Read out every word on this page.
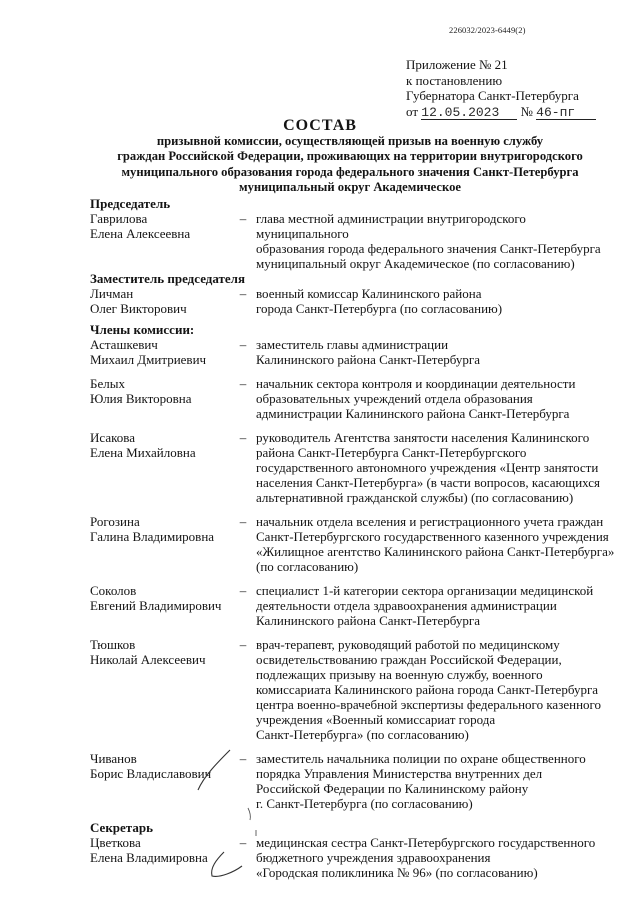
226032/2023-6449(2)
Приложение № 21
к постановлению
Губернатора Санкт-Петербурга
от 12.05.2023 № 46-пг
СОСТАВ
призывной комиссии, осуществляющей призыв на военную службу
граждан Российской Федерации, проживающих на территории внутригородского
муниципального образования города федерального значения Санкт-Петербурга
муниципальный округ Академическое
Председатель
Гаврилова
Елена Алексеевна
– глава местной администрации внутригородского муниципального
образования города федерального значения Санкт-Петербурга
муниципальный округ Академическое (по согласованию)
Заместитель председателя
Личман
Олег Викторович
– военный комиссар Калининского района
города Санкт-Петербурга (по согласованию)
Члены комиссии:
Асташкевич
Михаил Дмитриевич
– заместитель главы администрации
Калининского района Санкт-Петербурга
Белых
Юлия Викторовна
– начальник сектора контроля и координации деятельности
образовательных учреждений отдела образования
администрации Калининского района Санкт-Петербурга
Исакова
Елена Михайловна
– руководитель Агентства занятости населения Калининского
района Санкт-Петербурга Санкт-Петербургского
государственного автономного учреждения «Центр занятости
населения Санкт-Петербурга» (в части вопросов, касающихся
альтернативной гражданской службы) (по согласованию)
Рогозина
Галина Владимировна
– начальник отдела вселения и регистрационного учета граждан
Санкт-Петербургского государственного казенного учреждения
«Жилищное агентство Калининского района Санкт-Петербурга»
(по согласованию)
Соколов
Евгений Владимирович
– специалист 1-й категории сектора организации медицинской
деятельности отдела здравоохранения администрации
Калининского района Санкт-Петербурга
Тюшков
Николай Алексеевич
– врач-терапевт, руководящий работой по медицинскому
освидетельствованию граждан Российской Федерации,
подлежащих призыву на военную службу, военного
комиссариата Калининского района города Санкт-Петербурга
центра военно-врачебной экспертизы федерального казенного
учреждения «Военный комиссариат города
Санкт-Петербурга» (по согласованию)
Чиванов
Борис Владиславович
– заместитель начальника полиции по охране общественного
порядка Управления Министерства внутренних дел
Российской Федерации по Калининскому району
г. Санкт-Петербурга (по согласованию)
Секретарь
Цветкова
Елена Владимировна
– медицинская сестра Санкт-Петербургского государственного
бюджетного учреждения здравоохранения
«Городская поликлиника № 96» (по согласованию)
